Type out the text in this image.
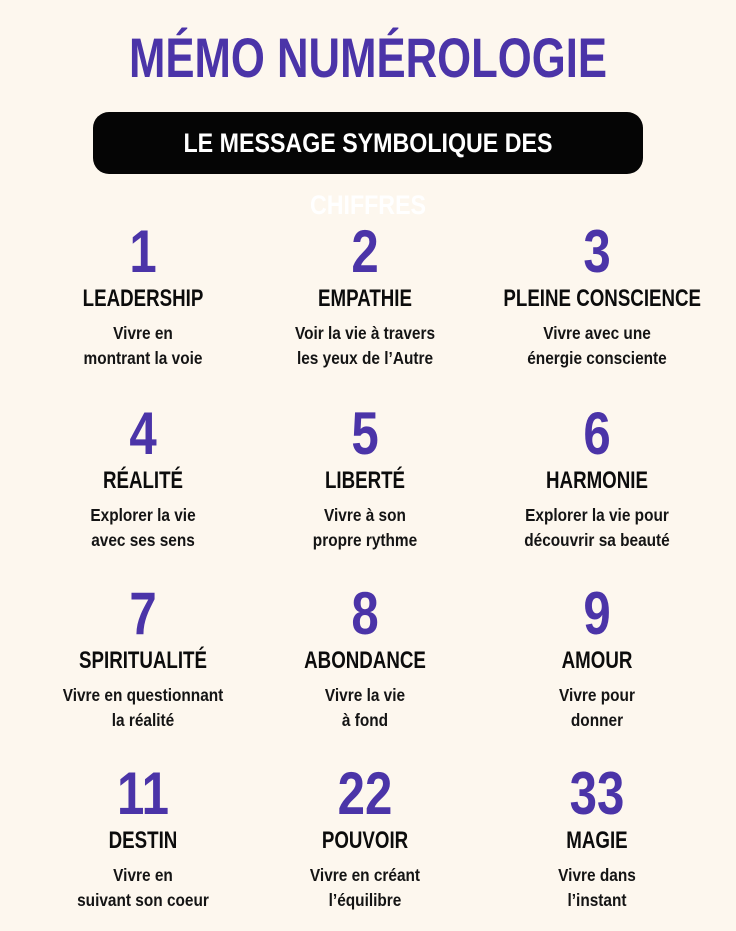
MÉMO NUMÉROLOGIE
LE MESSAGE SYMBOLIQUE DES CHIFFRES
1
LEADERSHIP
Vivre en
montrant la voie
2
EMPATHIE
Voir la vie à travers
les yeux de l’Autre
3
PLEINE CONSCIENCE
Vivre avec une
énergie consciente
4
RÉALITÉ
Explorer la vie
avec ses sens
5
LIBERTÉ
Vivre à son
propre rythme
6
HARMONIE
Explorer la vie pour
découvrir sa beauté
7
SPIRITUALITÉ
Vivre en questionnant
la réalité
8
ABONDANCE
Vivre la vie
à fond
9
AMOUR
Vivre pour
donner
11
DESTIN
Vivre en
suivant son coeur
22
POUVOIR
Vivre en créant
l’équilibre
33
MAGIE
Vivre dans
l’instant
